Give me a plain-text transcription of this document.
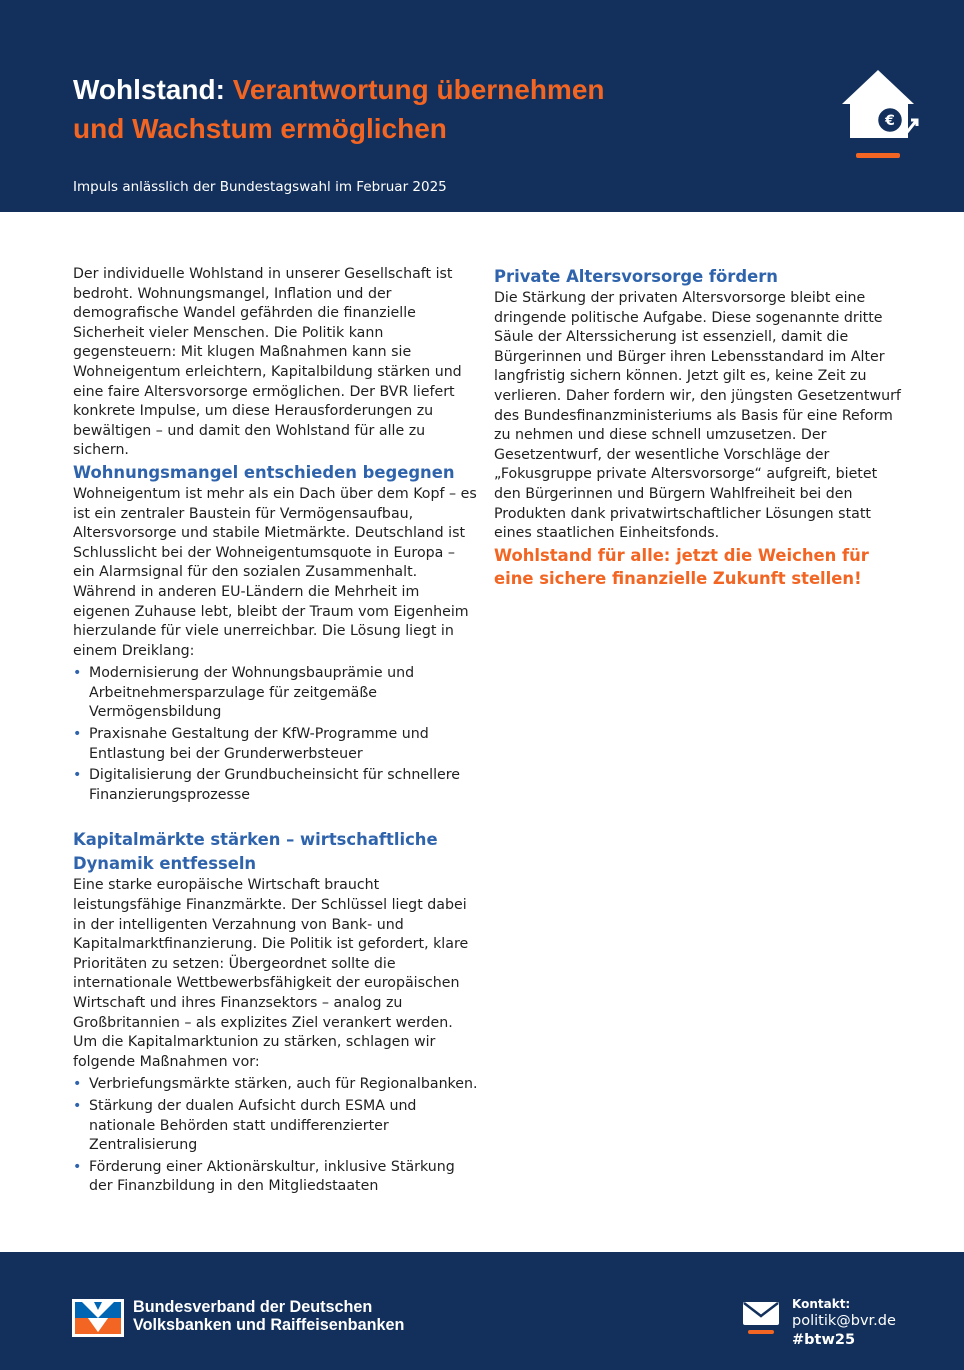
Wohlstand: Verantwortung übernehmen
und Wachstum ermöglichen
Impuls anlässlich der Bundestagswahl im Februar 2025
€

Der individuelle Wohlstand in unserer Gesellschaft ist bedroht. Wohnungsmangel, Inflation und der demografische Wandel gefährden die finanzielle Sicherheit vieler Menschen. Die Politik kann gegensteuern: Mit klugen Maßnahmen kann sie Wohneigentum erleichtern, Kapitalbildung stärken und eine faire Altersvorsorge ermöglichen. Der BVR liefert konkrete Impulse, um diese Herausforderungen zu bewältigen – und damit den Wohlstand für alle zu sichern.

Wohnungsmangel entschieden begegnen

Wohneigentum ist mehr als ein Dach über dem Kopf – es ist ein zentraler Baustein für Vermögensaufbau, Altersvorsorge und stabile Mietmärkte. Deutschland ist Schlusslicht bei der Wohneigentumsquote in Europa – ein Alarmsignal für den sozialen Zusammenhalt. Während in anderen EU-Ländern die Mehrheit im eigenen Zuhause lebt, bleibt der Traum vom Eigenheim hierzulande für viele unerreichbar. Die Lösung liegt in einem Dreiklang:

• Modernisierung der Wohnungsbauprämie und Arbeitnehmersparzulage für zeitgemäße Vermögensbildung
• Praxisnahe Gestaltung der KfW-Programme und Entlastung bei der Grunderwerbsteuer
• Digitalisierung der Grundbucheinsicht für schnellere Finanzierungsprozesse
Kapitalmärkte stärken – wirtschaftliche Dynamik entfesseln

Eine starke europäische Wirtschaft braucht leistungsfähige Finanzmärkte. Der Schlüssel liegt dabei in der intelligenten Verzahnung von Bank- und Kapitalmarktfinanzierung. Die Politik ist gefordert, klare Prioritäten zu setzen: Übergeordnet sollte die internationale Wettbewerbsfähigkeit der europäischen Wirtschaft und ihres Finanzsektors – analog zu Großbritannien – als explizites Ziel verankert werden. Um die Kapitalmarktunion zu stärken, schlagen wir folgende Maßnahmen vor:

• Verbriefungsmärkte stärken, auch für Regionalbanken.
• Stärkung der dualen Aufsicht durch ESMA und nationale Behörden statt undifferenzierter Zentralisierung
• Förderung einer Aktionärskultur, inklusive Stärkung der Finanzbildung in den Mitgliedstaaten
Private Altersvorsorge fördern

Die Stärkung der privaten Altersvorsorge bleibt eine dringende politische Aufgabe. Diese sogenannte dritte Säule der Alterssicherung ist essenziell, damit die Bürgerinnen und Bürger ihren Lebensstandard im Alter langfristig sichern können. Jetzt gilt es, keine Zeit zu verlieren. Daher fordern wir, den jüngsten Gesetzentwurf des Bundesfinanzministeriums als Basis für eine Reform zu nehmen und diese schnell umzusetzen. Der Gesetzentwurf, der wesentliche Vorschläge der „Fokusgruppe private Altersvorsorge“ aufgreift, bietet den Bürgerinnen und Bürgern Wahlfreiheit bei den Produkten dank privatwirtschaftlicher Lösungen statt eines staatlichen Einheitsfonds.

Wohlstand für alle: jetzt die Weichen für eine sichere finanzielle Zukunft stellen!

Bundesverband der Deutschen
Volksbanken und Raiffeisenbanken
Kontakt:
politik@bvr.de
#btw25
